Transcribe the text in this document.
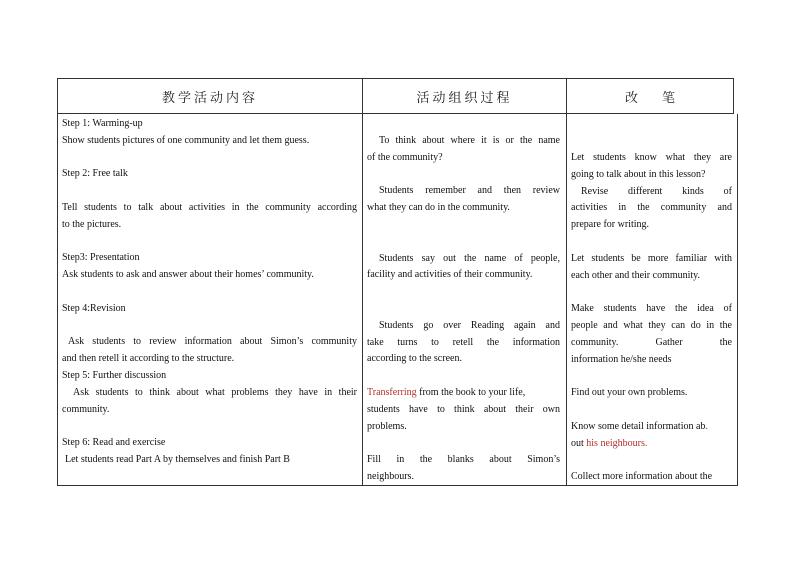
教学活动内容	活动组织过程	改 笔
Step 1: Warming-up
Show students pictures of one community and let them guess.
Step 2: Free talk
Tell students to talk about activities in the community according
to the pictures.
Step3: Presentation
Ask students to ask and answer about their homes’ community.
Step 4:Revision
Ask students to review information about Simon’s community
and then retell it according to the structure.
Step 5: Further discussion
Ask students to think about what problems they have in their
community.
Step 6: Read and exercise
Let students read Part A by themselves and finish Part B
To think about where it is or the name
of the community?
Students remember and then review
what they can do in the community.
Students say out the name of people,
facility and activities of their community.
Students go over Reading again and
take turns to retell the information
according to the screen.
Transferring from the book to your life,
students have to think about their own
problems.
Fill in the blanks about Simon’s
neighbours.
Let students know what they are
going to talk about in this lesson?
Revise different kinds of
activities in the community and
prepare for writing.
Let students be more familiar with
each other and their community.
Make students have the idea of
people and what they can do in the
community. Gather the
information he/she needs
Find out your own problems.
Know some detail information ab.
out his neighbours.
Collect more information about the
